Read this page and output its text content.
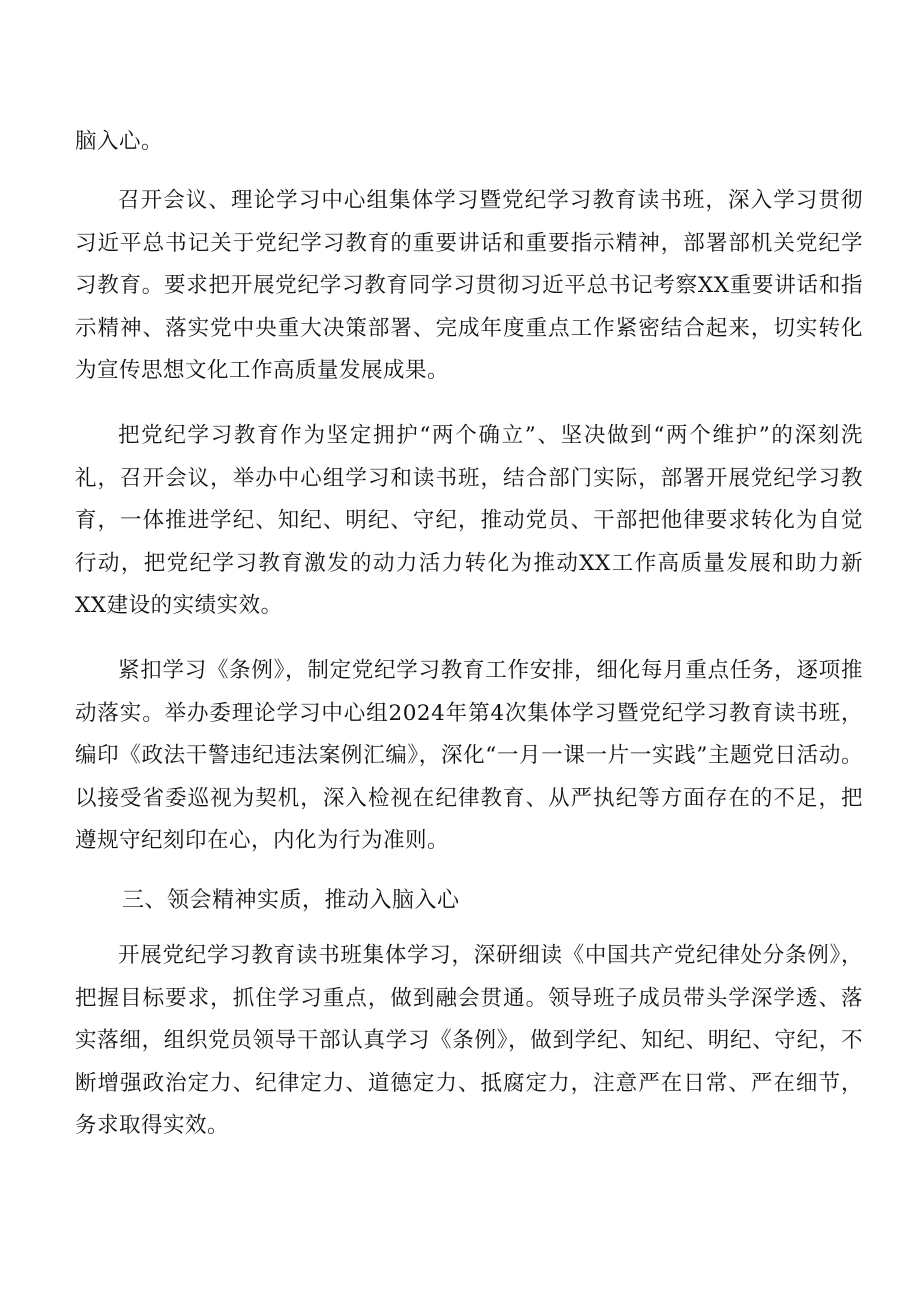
脑入心。

召开会议、理论学习中心组集体学习暨党纪学习教育读书班，深入学习贯彻习近平总书记关于党纪学习教育的重要讲话和重要指示精神，部署部机关党纪学习教育。要求把开展党纪学习教育同学习贯彻习近平总书记考察XX重要讲话和指示精神、落实党中央重大决策部署、完成年度重点工作紧密结合起来，切实转化为宣传思想文化工作高质量发展成果。

把党纪学习教育作为坚定拥护“两个确立”、坚决做到“两个维护”的深刻洗礼，召开会议，举办中心组学习和读书班，结合部门实际，部署开展党纪学习教育，一体推进学纪、知纪、明纪、守纪，推动党员、干部把他律要求转化为自觉行动，把党纪学习教育激发的动力活力转化为推动XX工作高质量发展和助力新XX建设的实绩实效。

紧扣学习《条例》，制定党纪学习教育工作安排，细化每月重点任务，逐项推动落实。举办委理论学习中心组2024年第4次集体学习暨党纪学习教育读书班，编印《政法干警违纪违法案例汇编》，深化“一月一课一片一实践”主题党日活动。以接受省委巡视为契机，深入检视在纪律教育、从严执纪等方面存在的不足，把遵规守纪刻印在心，内化为行为准则。

三、领会精神实质，推动入脑入心

开展党纪学习教育读书班集体学习，深研细读《中国共产党纪律处分条例》，把握目标要求，抓住学习重点，做到融会贯通。领导班子成员带头学深学透、落实落细，组织党员领导干部认真学习《条例》，做到学纪、知纪、明纪、守纪，不断增强政治定力、纪律定力、道德定力、抵腐定力，注意严在日常、严在细节，务求取得实效。
